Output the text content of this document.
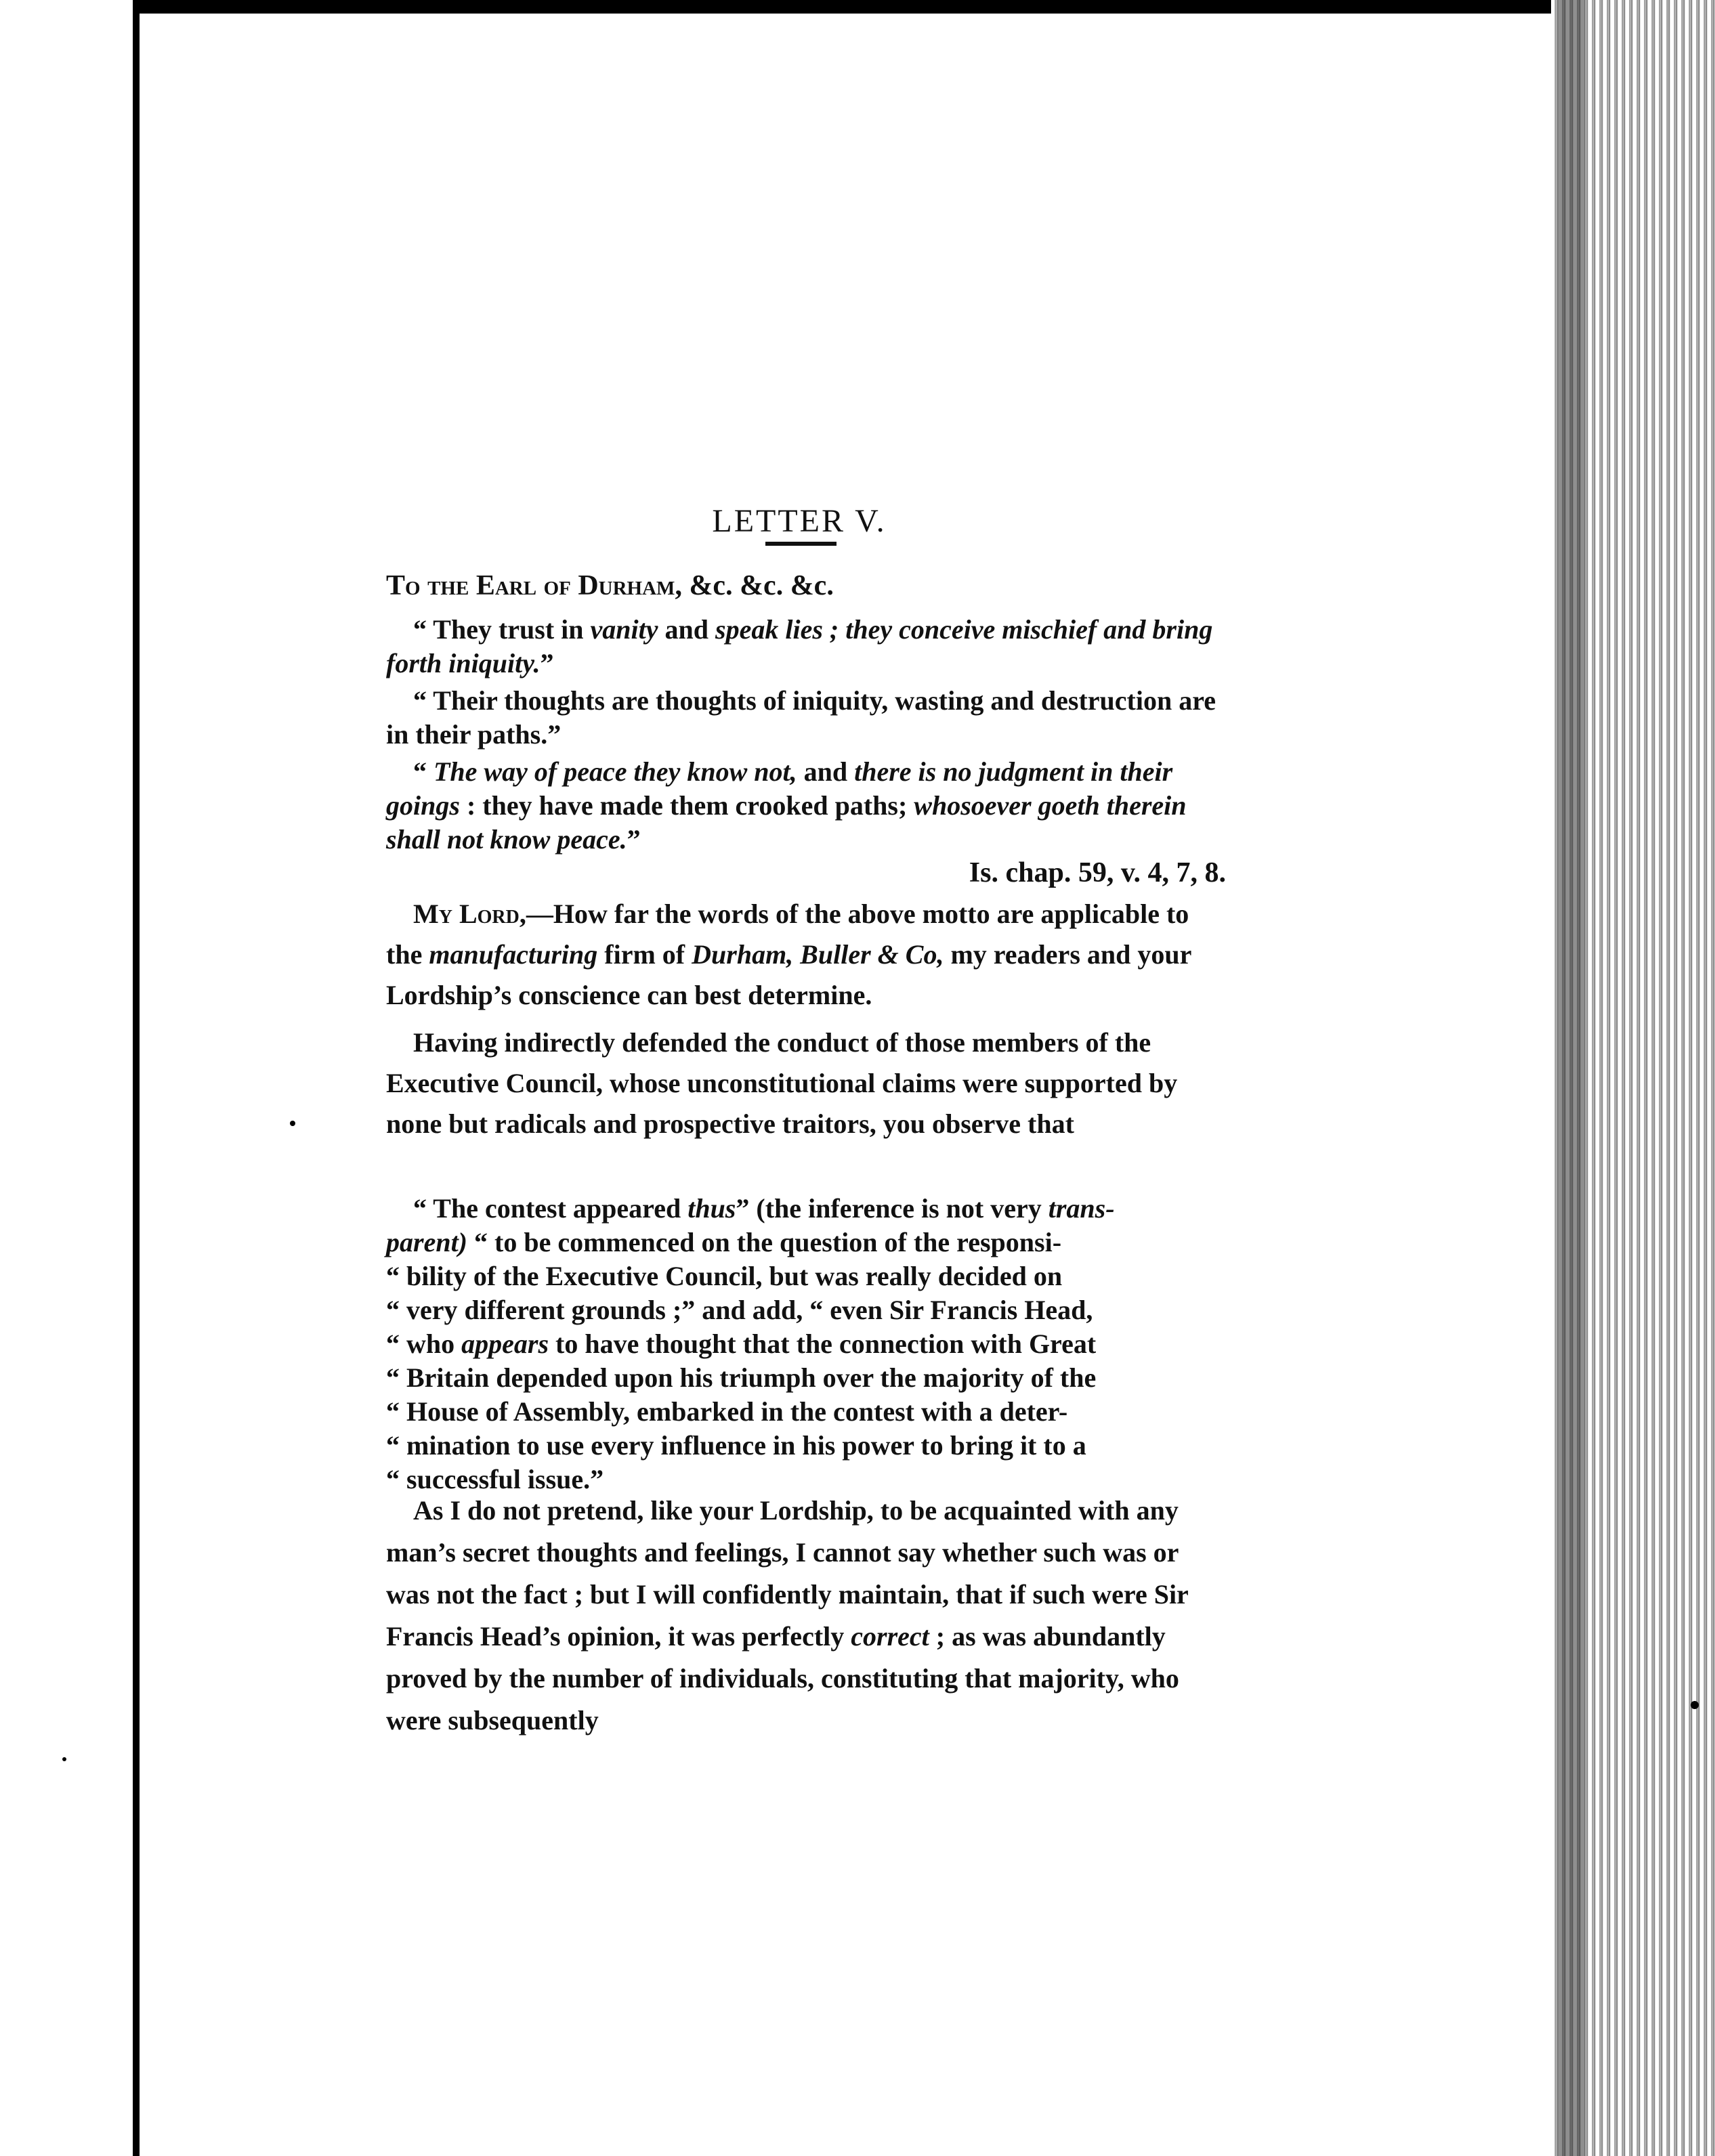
LETTER V.

To the Earl of Durham, &c. &c. &c.

“ They trust in vanity and speak lies ; they conceive mischief and bring forth iniquity.”

“ Their thoughts are thoughts of iniquity, wasting and destruction are in their paths.”

“ The way of peace they know not, and there is no judgment in their goings : they have made them crooked paths; whosoever goeth therein shall not know peace.”

Is. chap. 59, v. 4, 7, 8.

My Lord,—How far the words of the above motto are applicable to the manufacturing firm of Durham, Buller & Co, my readers and your Lordship’s conscience can best determine.

Having indirectly defended the conduct of those members of the Executive Council, whose unconstitutional claims were supported by none but radicals and prospective traitors, you observe that

“ The contest appeared thus” (the inference is not very trans-
parent) “ to be commenced on the question of the responsi-
“ bility of the Executive Council, but was really decided on
“ very different grounds ;” and add, “ even Sir Francis Head,
“ who appears to have thought that the connection with Great
“ Britain depended upon his triumph over the majority of the
“ House of Assembly, embarked in the contest with a deter-
“ mination to use every influence in his power to bring it to a
“ successful issue.”

As I do not pretend, like your Lordship, to be acquainted with any man’s secret thoughts and feelings, I cannot say whether such was or was not the fact ; but I will confidently maintain, that if such were Sir Francis Head’s opinion, it was perfectly correct ; as was abundantly proved by the number of individuals, constituting that majority, who were subsequently
